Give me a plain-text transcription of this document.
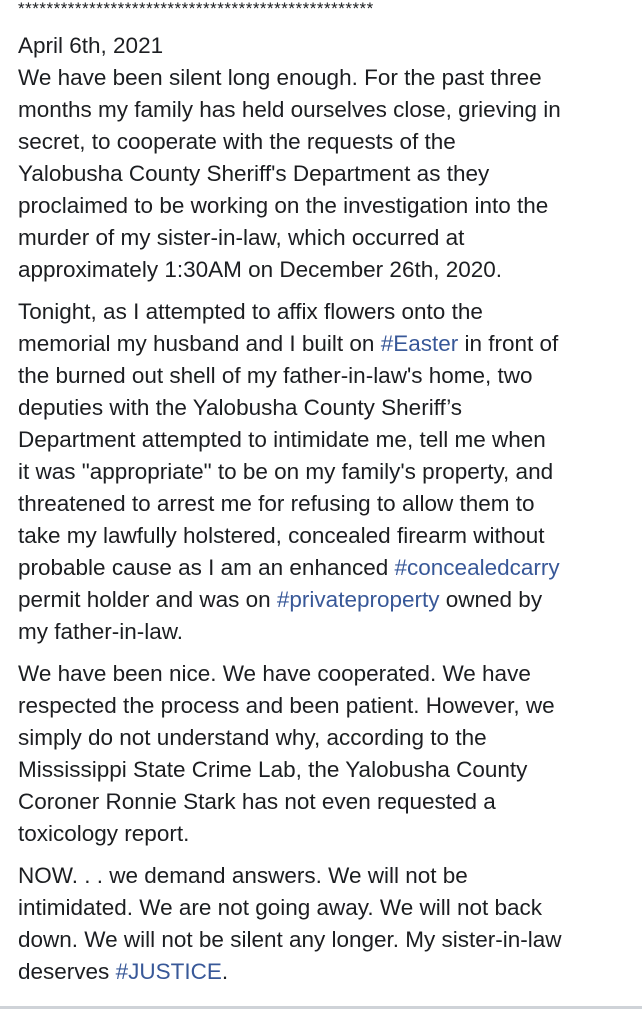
**************************************************
April 6th, 2021
We have been silent long enough. For the past three
months my family has held ourselves close, grieving in
secret, to cooperate with the requests of the
Yalobusha County Sheriff's Department as they
proclaimed to be working on the investigation into the
murder of my sister-in-law, which occurred at
approximately 1:30AM on December 26th, 2020.
Tonight, as I attempted to affix flowers onto the
memorial my husband and I built on #Easter in front of
the burned out shell of my father-in-law's home, two
deputies with the Yalobusha County Sheriff’s
Department attempted to intimidate me, tell me when
it was "appropriate" to be on my family's property, and
threatened to arrest me for refusing to allow them to
take my lawfully holstered, concealed firearm without
probable cause as I am an enhanced #concealedcarry
permit holder and was on #privateproperty owned by
my father-in-law.
We have been nice. We have cooperated. We have
respected the process and been patient. However, we
simply do not understand why, according to the
Mississippi State Crime Lab, the Yalobusha County
Coroner Ronnie Stark has not even requested a
toxicology report.
NOW. . . we demand answers. We will not be
intimidated. We are not going away. We will not back
down. We will not be silent any longer. My sister-in-law
deserves #JUSTICE.
